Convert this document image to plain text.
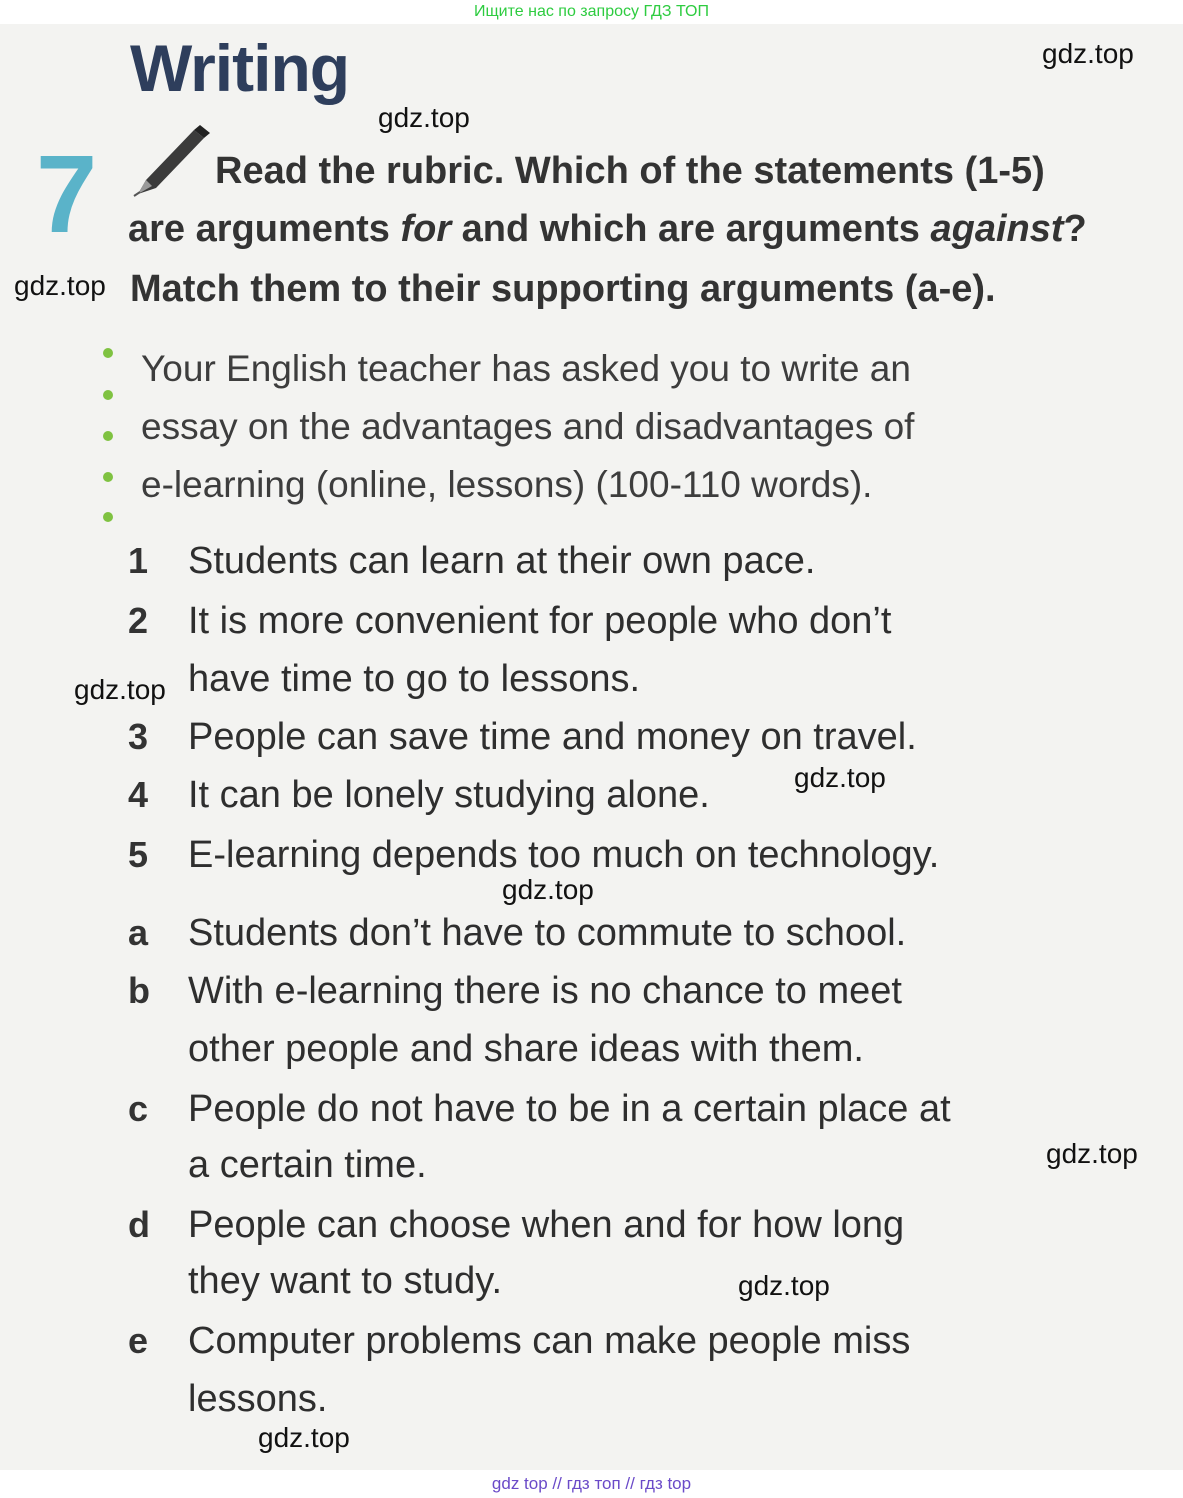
Ищите нас по запросу ГДЗ ТОП
Writing
7	Read the rubric. Which of the statements (1-5)
are arguments for and which are arguments against?
Match them to their supporting arguments (a-e).
Your English teacher has asked you to write an
essay on the advantages and disadvantages of
e-learning (online, lessons) (100-110 words).
1 Students can learn at their own pace.
2 It is more convenient for people who don’t
have time to go to lessons.
3 People can save time and money on travel.
4 It can be lonely studying alone.
5 E-learning depends too much on technology.
a Students don’t have to commute to school.
b With e-learning there is no chance to meet
other people and share ideas with them.
c People do not have to be in a certain place at
a certain time.
d People can choose when and for how long
they want to study.
e Computer problems can make people miss
lessons.
gdz.top
gdz.top
gdz.top
gdz.top
gdz.top
gdz.top
gdz.top
gdz.top
gdz.top
gdz top // гдз топ // гдз top
